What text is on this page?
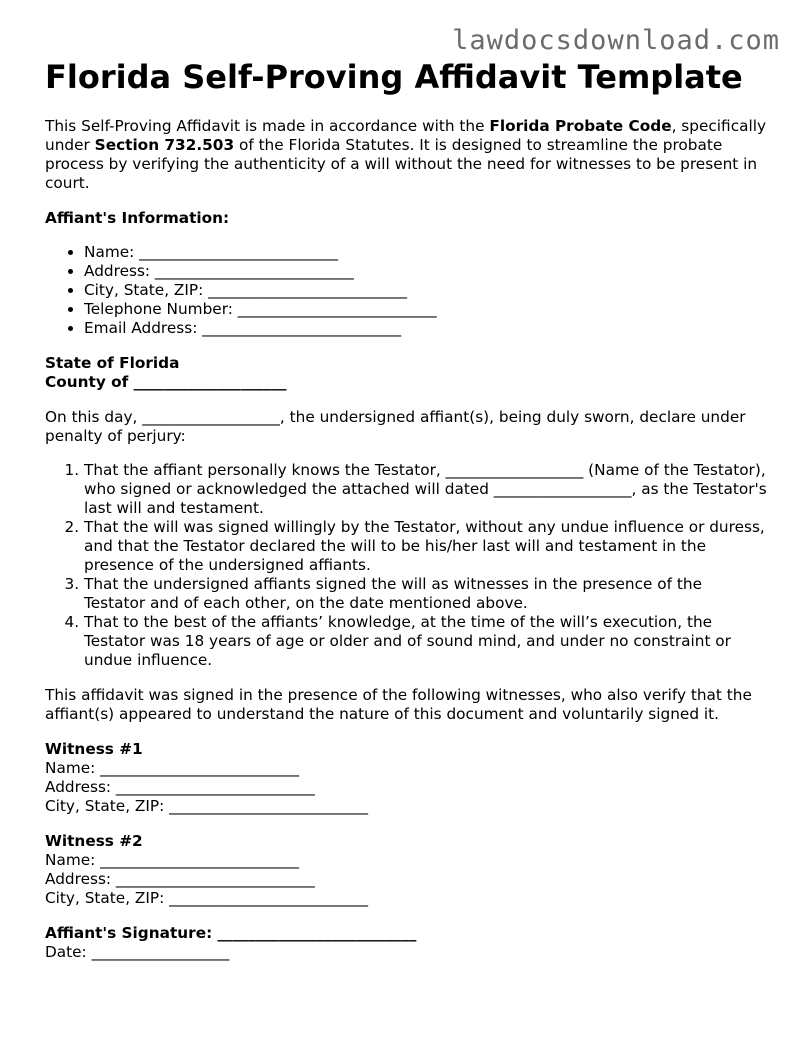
lawdocsdownload.com
Florida Self-Proving Affidavit Template

This Self-Proving Affidavit is made in accordance with the Florida Probate Code, specifically under Section 732.503 of the Florida Statutes. It is designed to streamline the probate process by verifying the authenticity of a will without the need for witnesses to be present in court.

Affiant's Information:

• Name: __________________________
• Address: __________________________
• City, State, ZIP: __________________________
• Telephone Number: __________________________
• Email Address: __________________________

State of Florida

County of ____________________

On this day, __________________, the undersigned affiant(s), being duly sworn, declare under penalty of perjury:

1. That the affiant personally knows the Testator, __________________ (Name of the Testator), who signed or acknowledged the attached will dated __________________, as the Testator's last will and testament.
2. That the will was signed willingly by the Testator, without any undue influence or duress, and that the Testator declared the will to be his/her last will and testament in the presence of the undersigned affiants.
3. That the undersigned affiants signed the will as witnesses in the presence of the Testator and of each other, on the date mentioned above.
4. That to the best of the affiants’ knowledge, at the time of the will’s execution, the Testator was 18 years of age or older and of sound mind, and under no constraint or undue influence.

This affidavit was signed in the presence of the following witnesses, who also verify that the affiant(s) appeared to understand the nature of this document and voluntarily signed it.

Witness #1

Name: __________________________

Address: __________________________

City, State, ZIP: __________________________

Witness #2

Name: __________________________

Address: __________________________

City, State, ZIP: __________________________

Affiant's Signature: __________________________

Date: __________________
